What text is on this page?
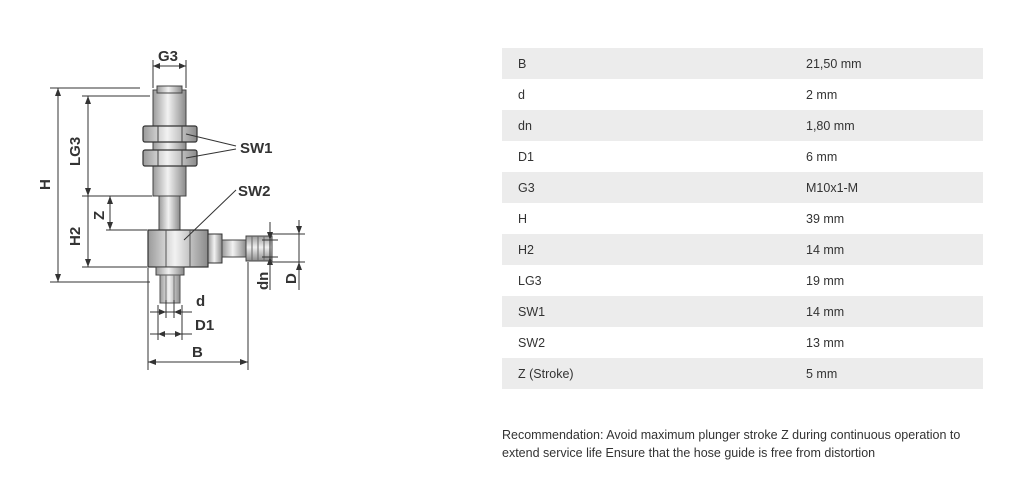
G3
LG3
H
H2
Z
SW1
SW2
d
D1
B
dn D
B	21,50 mm
d	2 mm
dn	1,80 mm
D1	6 mm
G3	M10x1-M
H	39 mm
H2	14 mm
LG3	19 mm
SW1	14 mm
SW2	13 mm
Z (Stroke)	5 mm

Recommendation: Avoid maximum plunger stroke Z during continuous operation to extend service life Ensure that the hose guide is free from distortion
